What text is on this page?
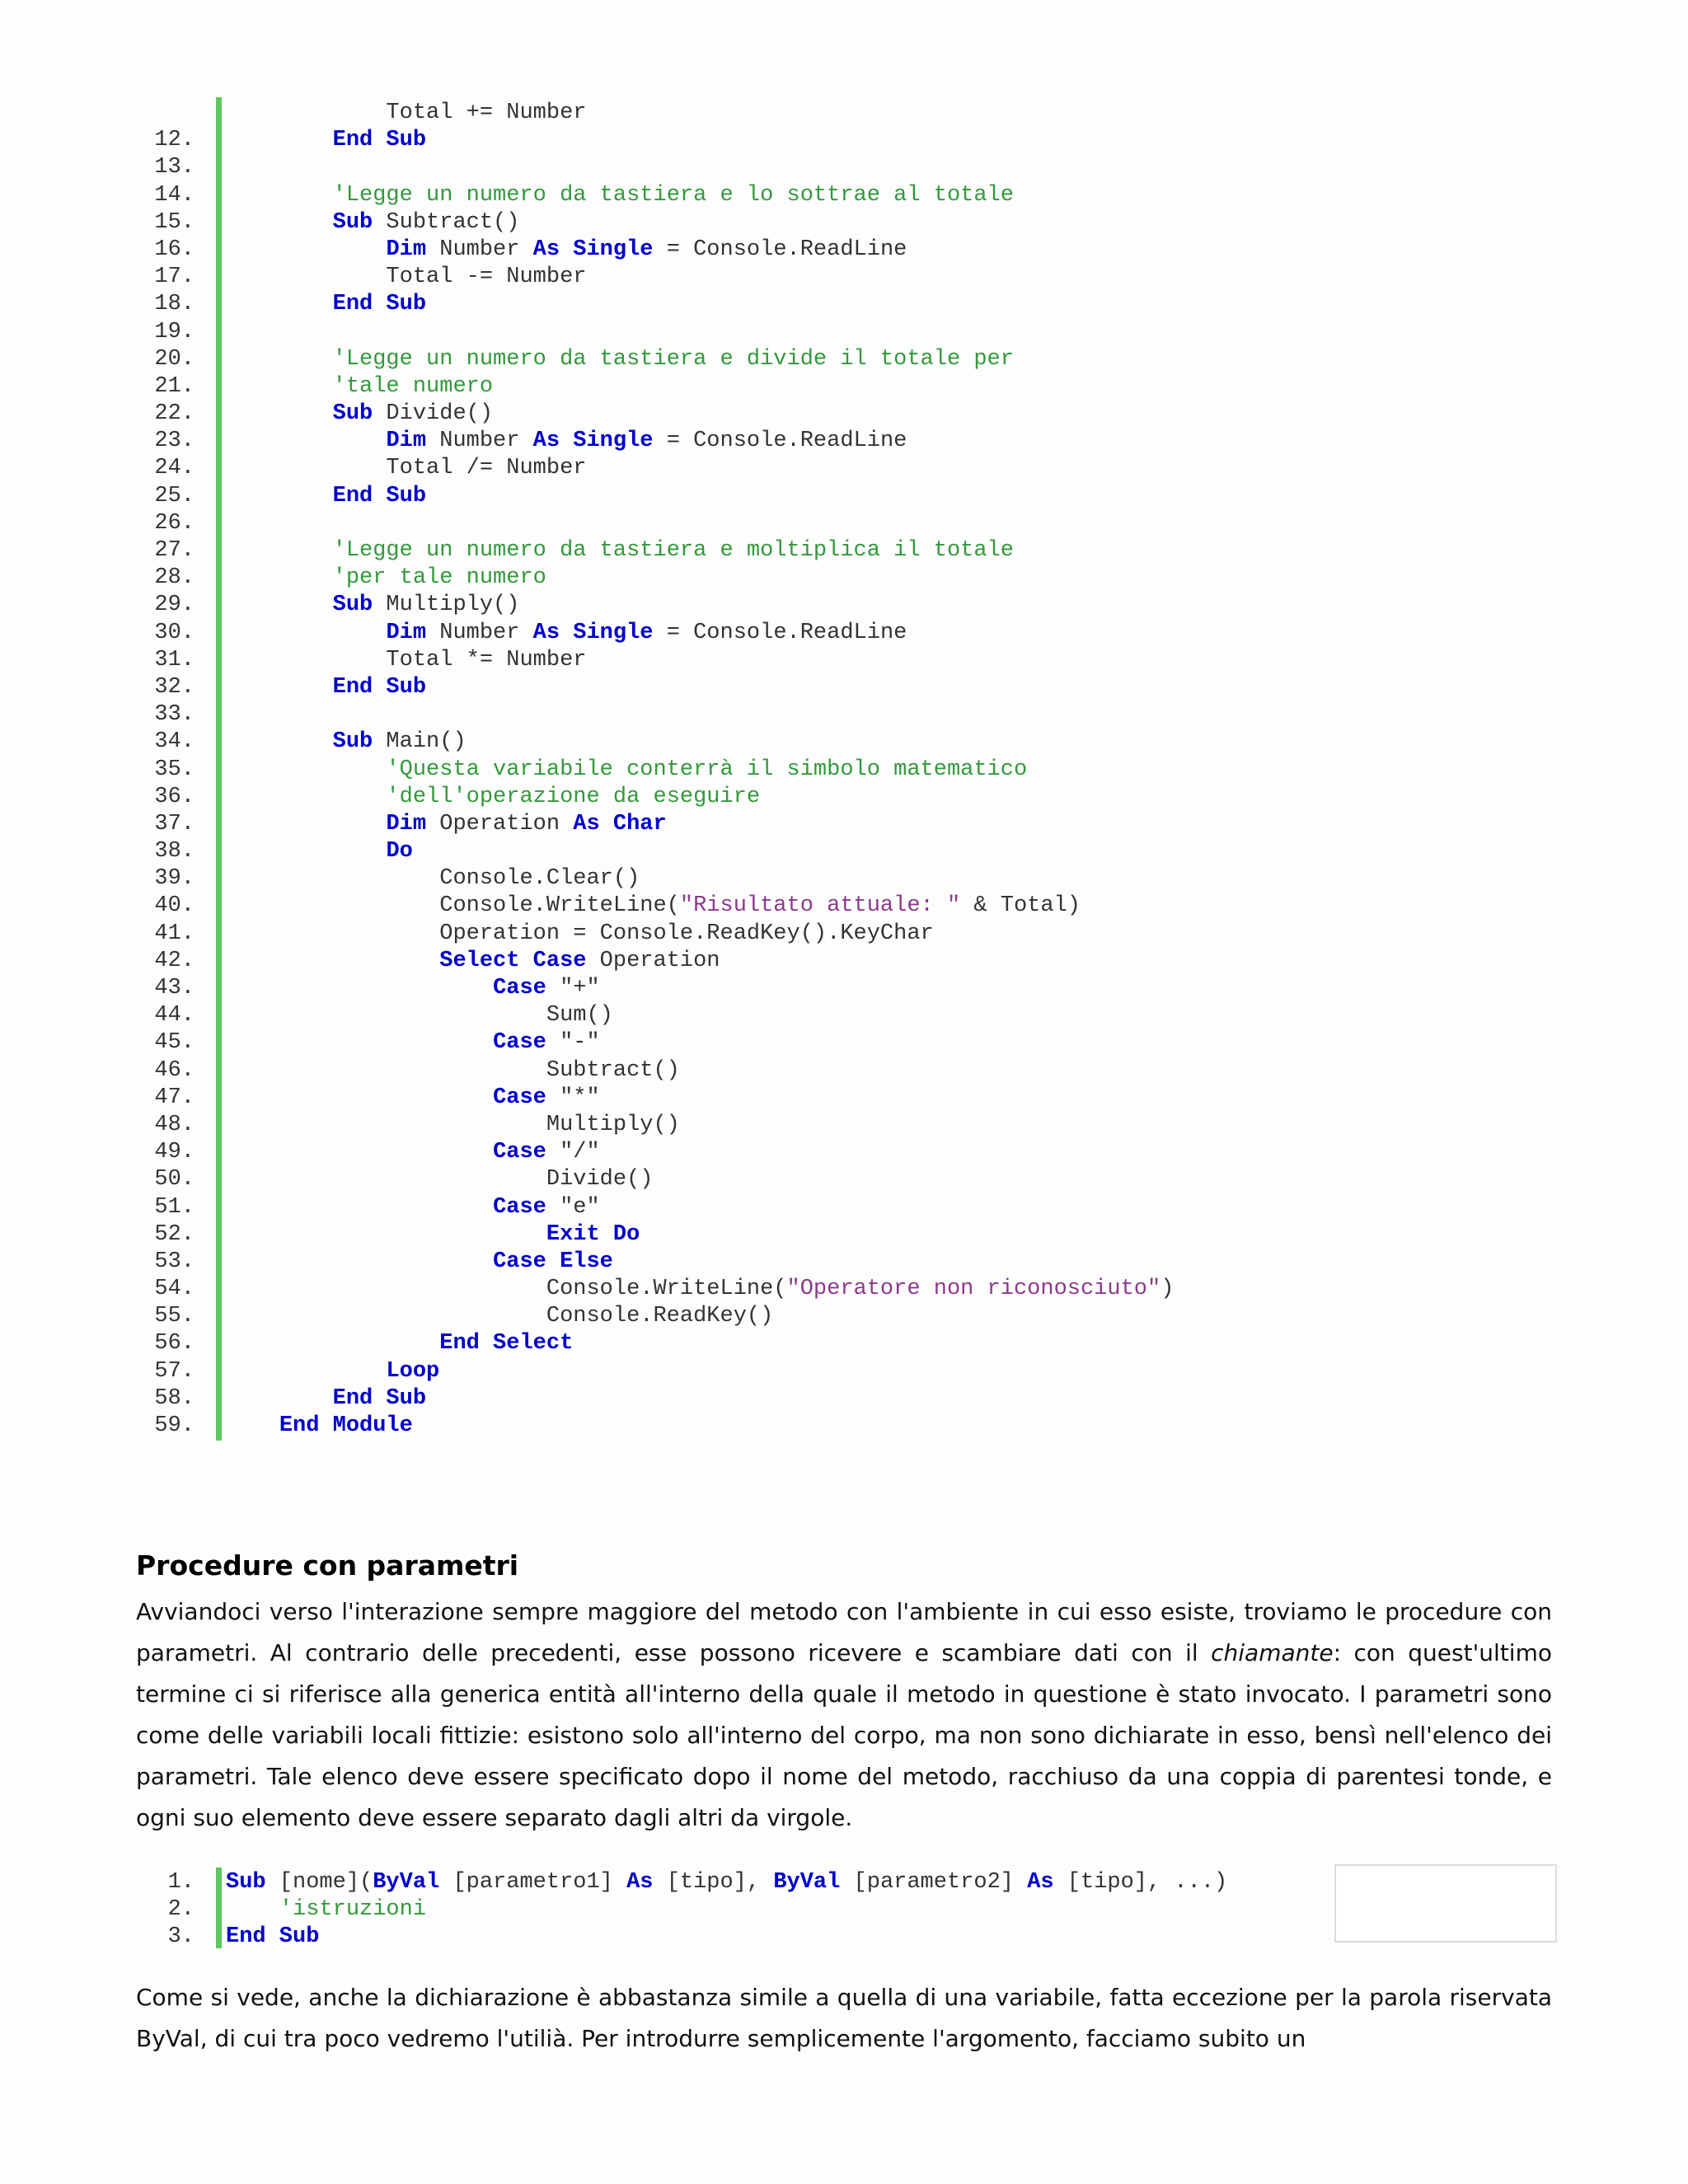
Total += Number
12.	End Sub
13.
14.	'Legge un numero da tastiera e lo sottrae al totale
15.	Sub Subtract()
16.	Dim Number As Single = Console.ReadLine
17.            Total -= Number
18.	End Sub
19.
20.	'Legge un numero da tastiera e divide il totale per
21.	'tale numero
22.	Sub Divide()
23.	Dim Number As Single = Console.ReadLine
24.            Total /= Number
25.	End Sub
26.
27.	'Legge un numero da tastiera e moltiplica il totale
28.	'per tale numero
29.	Sub Multiply()
30.	Dim Number As Single = Console.ReadLine
31.            Total *= Number
32.	End Sub
33.
34.	Sub Main()
35.	'Questa variabile conterrà il simbolo matematico
36.	'dell'operazione da eseguire
37.	Dim Operation As Char
38.	Do
39.                Console.Clear()
40.                Console.WriteLine("Risultato attuale: " & Total)
41.                Operation = Console.ReadKey().KeyChar
42.	Select Case Operation
43.	Case "+"
44.                        Sum()
45.	Case "-"
46.                        Subtract()
47.	Case "*"
48.                        Multiply()
49.	Case "/"
50.                        Divide()
51.	Case "e"
52.	Exit Do
53.	Case Else
54.                        Console.WriteLine("Operatore non riconosciuto")
55.                        Console.ReadKey()
56.	End Select
57.	Loop
58.	End Sub
59.	End Module
Procedure con parametri

Avviandoci verso l'interazione sempre maggiore del metodo con l'ambiente in cui esso esiste, troviamo le procedure con parametri. Al contrario delle precedenti, esse possono ricevere e scambiare dati con il chiamante: con quest'ultimo termine ci si riferisce alla generica entità all'interno della quale il metodo in questione è stato invocato. I parametri sono come delle variabili locali fittizie: esistono solo all'interno del corpo, ma non sono dichiarate in esso, bensì nell'elenco dei parametri. Tale elenco deve essere specificato dopo il nome del metodo, racchiuso da una coppia di parentesi tonde, e ogni suo elemento deve essere separato dagli altri da virgole.

1. Sub [nome](ByVal [parametro1] As [tipo], ByVal [parametro2] As [tipo], ...)
2.	'istruzioni
3. End Sub

Come si vede, anche la dichiarazione è abbastanza simile a quella di una variabile, fatta eccezione per la parola riservata ByVal, di cui tra poco vedremo l'utilià. Per introdurre semplicemente l'argomento, facciamo subito un
